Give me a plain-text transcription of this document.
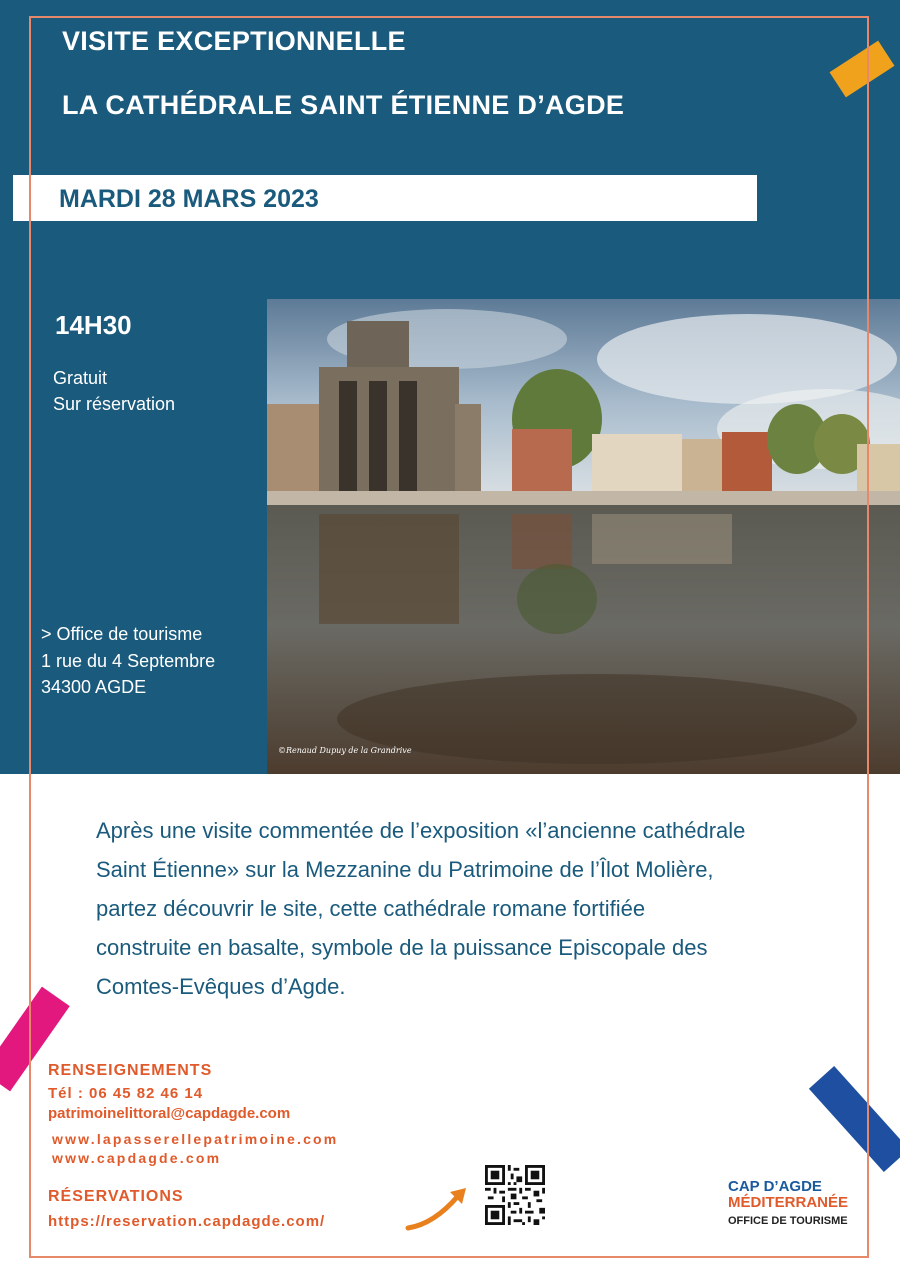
VISITE EXCEPTIONNELLE
LA CATHÉDRALE SAINT ÉTIENNE D’AGDE
MARDI 28 MARS 2023
14H30
Gratuit
Sur réservation
> Office de tourisme
1 rue du 4 Septembre
34300 AGDE
©Renaud Dupuy de la Grandrive
Après une visite commentée de l’exposition «l’ancienne cathédrale
Saint Étienne» sur la Mezzanine du Patrimoine de l’Îlot Molière,
partez découvrir le site, cette cathédrale romane fortifiée
construite en basalte, symbole de la puissance Episcopale des
Comtes-Evêques d’Agde.
RENSEIGNEMENTS
Tél : 06 45 82 46 14
patrimoinelittoral@capdagde.com
www.lapasserellepatrimoine.com
www.capdagde.com
RÉSERVATIONS
https://reservation.capdagde.com/
CAP D’AGDE
MÉDITERRANÉE
OFFICE DE TOURISME
